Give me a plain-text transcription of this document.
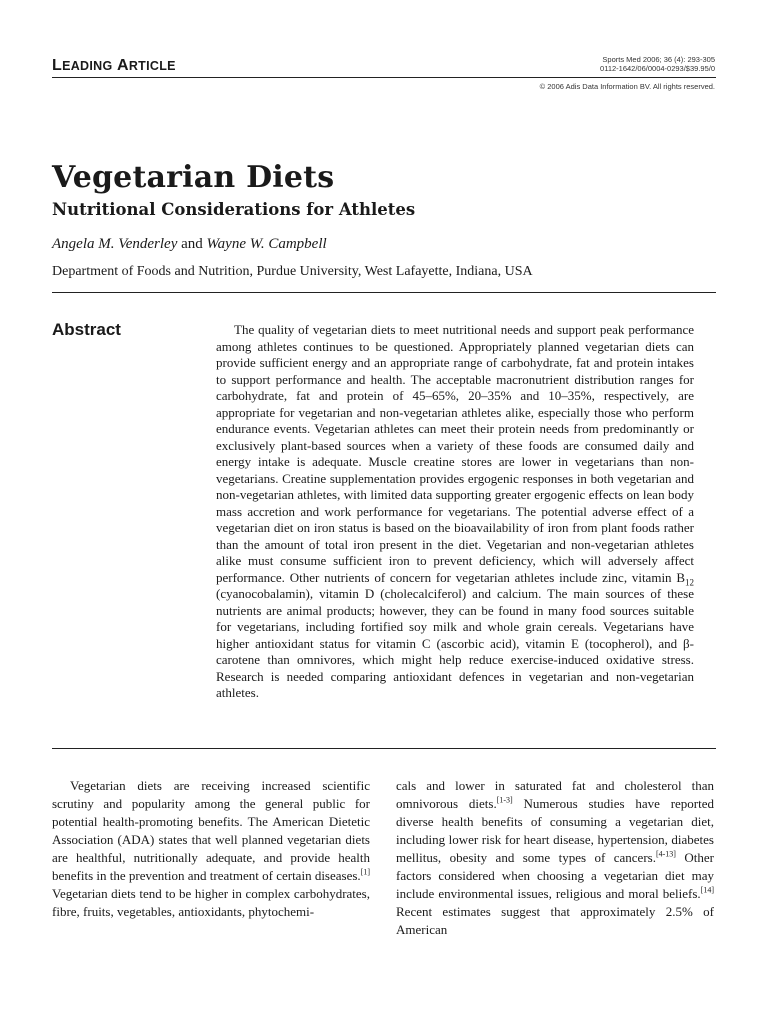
LEADING ARTICLE	Sports Med 2006; 36 (4): 293-305
0112-1642/06/0004-0293/$39.95/0
© 2006 Adis Data Information BV. All rights reserved.
Vegetarian Diets
Nutritional Considerations for Athletes

Angela M. Venderley and Wayne W. Campbell

Department of Foods and Nutrition, Purdue University, West Lafayette, Indiana, USA

Abstract	The quality of vegetarian diets to meet nutritional needs and support peak performance among athletes continues to be questioned. Appropriately planned vegetarian diets can provide sufficient energy and an appropriate range of carbohydrate, fat and protein intakes to support performance and health. The acceptable macronutrient distribution ranges for carbohydrate, fat and protein of 45–65%, 20–35% and 10–35%, respectively, are appropriate for vegetarian and non-vegetarian athletes alike, especially those who perform endurance events. Vegetarian athletes can meet their protein needs from predominantly or exclusively plant-based sources when a variety of these foods are consumed daily and energy intake is adequate. Muscle creatine stores are lower in vegetarians than non-vegetarians. Creatine supplementation provides ergogenic responses in both vegetarian and non-vegetarian athletes, with limited data supporting greater ergogenic effects on lean body mass accretion and work performance for vegetarians. The potential adverse effect of a vegetarian diet on iron status is based on the bioavailability of iron from plant foods rather than the amount of total iron present in the diet. Vegetarian and non-vegetarian athletes alike must consume sufficient iron to prevent deficiency, which will adversely affect performance. Other nutrients of concern for vegetarian athletes include zinc, vitamin $B_{12}$ (cyanocobalamin), vitamin D (cholecalciferol) and calcium. The main sources of these nutrients are animal products; however, they can be found in many food sources suitable for vegetarians, including fortified soy milk and whole grain cereals. Vegetarians have higher antioxidant status for vitamin C (ascorbic acid), vitamin E (tocopherol), and β-carotene than omnivores, which might help reduce exercise-induced oxidative stress. Research is needed comparing antioxidant defences in vegetarian and non-vegetarian athletes.

Vegetarian diets are receiving increased scientific scrutiny and popularity among the general public for potential health-promoting benefits. The American Dietetic Association (ADA) states that well planned vegetarian diets are healthful, nutritionally adequate, and provide health benefits in the prevention and treatment of certain diseases.[1] Vegetarian diets tend to be higher in complex carbohydrates, fibre, fruits, vegetables, antioxidants, phytochemi-

cals and lower in saturated fat and cholesterol than omnivorous diets.[1-3] Numerous studies have reported diverse health benefits of consuming a vegetarian diet, including lower risk for heart disease, hypertension, diabetes mellitus, obesity and some types of cancers.[4-13] Other factors considered when choosing a vegetarian diet may include environmental issues, religious and moral beliefs.[14] Recent estimates suggest that approximately 2.5% of American
